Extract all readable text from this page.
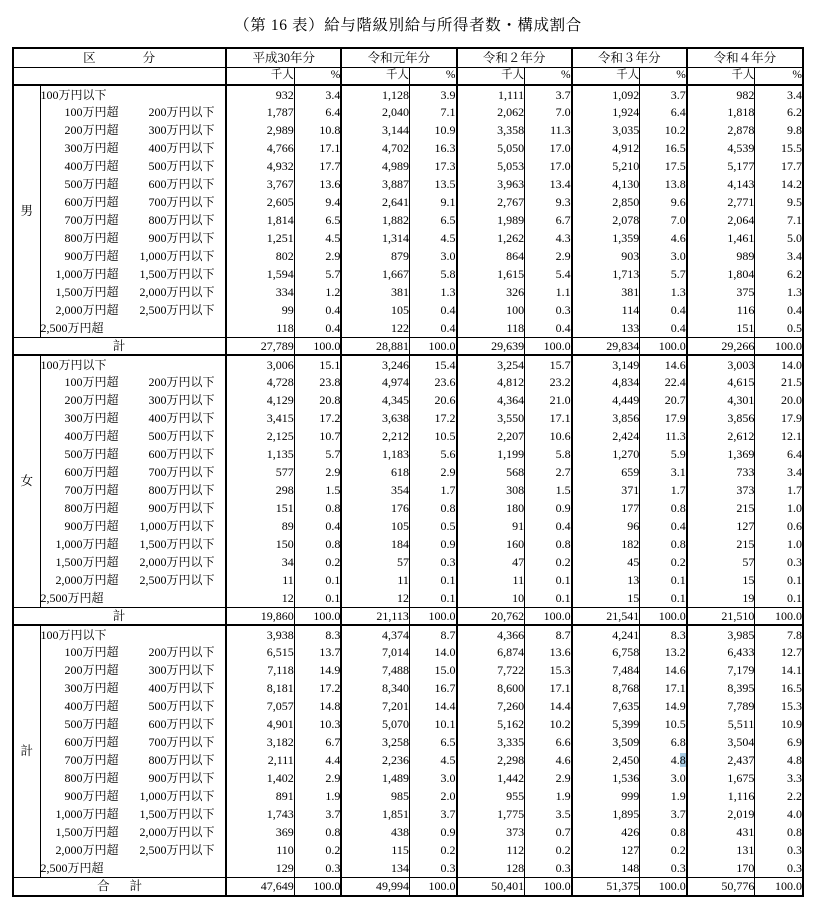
（第 16 表）給与階級別給与所得者数・構成割合
区 分		平成30年分		令和元年分		令和２年分		令和３年分		令和４年分	
		千人	%	千人	%	千人	%	千人	%	千人	%
男	100万円以下	932	3.4	1,128	3.9	1,111	3.7	1,092	3.7	982	3.4
	100万円超 200万円以下	1,787	6.4	2,040	7.1	2,062	7.0	1,924	6.4	1,818	6.2
	200万円超 300万円以下	2,989	10.8	3,144	10.9	3,358	11.3	3,035	10.2	2,878	9.8
	300万円超 400万円以下	4,766	17.1	4,702	16.3	5,050	17.0	4,912	16.5	4,539	15.5
	400万円超 500万円以下	4,932	17.7	4,989	17.3	5,053	17.0	5,210	17.5	5,177	17.7
	500万円超 600万円以下	3,767	13.6	3,887	13.5	3,963	13.4	4,130	13.8	4,143	14.2
	600万円超 700万円以下	2,605	9.4	2,641	9.1	2,767	9.3	2,850	9.6	2,771	9.5
	700万円超 800万円以下	1,814	6.5	1,882	6.5	1,989	6.7	2,078	7.0	2,064	7.1
	800万円超 900万円以下	1,251	4.5	1,314	4.5	1,262	4.3	1,359	4.6	1,461	5.0
	900万円超 1,000万円以下	802	2.9	879	3.0	864	2.9	903	3.0	989	3.4
	1,000万円超 1,500万円以下	1,594	5.7	1,667	5.8	1,615	5.4	1,713	5.7	1,804	6.2
	1,500万円超 2,000万円以下	334	1.2	381	1.3	326	1.1	381	1.3	375	1.3
	2,000万円超 2,500万円以下	99	0.4	105	0.4	100	0.3	114	0.4	116	0.4
	2,500万円超	118	0.4	122	0.4	118	0.4	133	0.4	151	0.5
計		27,789	100.0	28,881	100.0	29,639	100.0	29,834	100.0	29,266	100.0
女	100万円以下	3,006	15.1	3,246	15.4	3,254	15.7	3,149	14.6	3,003	14.0
	100万円超 200万円以下	4,728	23.8	4,974	23.6	4,812	23.2	4,834	22.4	4,615	21.5
	200万円超 300万円以下	4,129	20.8	4,345	20.6	4,364	21.0	4,449	20.7	4,301	20.0
	300万円超 400万円以下	3,415	17.2	3,638	17.2	3,550	17.1	3,856	17.9	3,856	17.9
	400万円超 500万円以下	2,125	10.7	2,212	10.5	2,207	10.6	2,424	11.3	2,612	12.1
	500万円超 600万円以下	1,135	5.7	1,183	5.6	1,199	5.8	1,270	5.9	1,369	6.4
	600万円超 700万円以下	577	2.9	618	2.9	568	2.7	659	3.1	733	3.4
	700万円超 800万円以下	298	1.5	354	1.7	308	1.5	371	1.7	373	1.7
	800万円超 900万円以下	151	0.8	176	0.8	180	0.9	177	0.8	215	1.0
	900万円超 1,000万円以下	89	0.4	105	0.5	91	0.4	96	0.4	127	0.6
	1,000万円超 1,500万円以下	150	0.8	184	0.9	160	0.8	182	0.8	215	1.0
	1,500万円超 2,000万円以下	34	0.2	57	0.3	47	0.2	45	0.2	57	0.3
	2,000万円超 2,500万円以下	11	0.1	11	0.1	11	0.1	13	0.1	15	0.1
	2,500万円超	12	0.1	12	0.1	10	0.1	15	0.1	19	0.1
計		19,860	100.0	21,113	100.0	20,762	100.0	21,541	100.0	21,510	100.0
計	100万円以下	3,938	8.3	4,374	8.7	4,366	8.7	4,241	8.3	3,985	7.8
	100万円超 200万円以下	6,515	13.7	7,014	14.0	6,874	13.6	6,758	13.2	6,433	12.7
	200万円超 300万円以下	7,118	14.9	7,488	15.0	7,722	15.3	7,484	14.6	7,179	14.1
	300万円超 400万円以下	8,181	17.2	8,340	16.7	8,600	17.1	8,768	17.1	8,395	16.5
	400万円超 500万円以下	7,057	14.8	7,201	14.4	7,260	14.4	7,635	14.9	7,789	15.3
	500万円超 600万円以下	4,901	10.3	5,070	10.1	5,162	10.2	5,399	10.5	5,511	10.9
	600万円超 700万円以下	3,182	6.7	3,258	6.5	3,335	6.6	3,509	6.8	3,504	6.9
	700万円超 800万円以下	2,111	4.4	2,236	4.5	2,298	4.6	2,450	4.8	2,437	4.8
	800万円超 900万円以下	1,402	2.9	1,489	3.0	1,442	2.9	1,536	3.0	1,675	3.3
	900万円超 1,000万円以下	891	1.9	985	2.0	955	1.9	999	1.9	1,116	2.2
	1,000万円超 1,500万円以下	1,743	3.7	1,851	3.7	1,775	3.5	1,895	3.7	2,019	4.0
	1,500万円超 2,000万円以下	369	0.8	438	0.9	373	0.7	426	0.8	431	0.8
	2,000万円超 2,500万円以下	110	0.2	115	0.2	112	0.2	127	0.2	131	0.3
	2,500万円超	129	0.3	134	0.3	128	0.3	148	0.3	170	0.3
合 計		47,649	100.0	49,994	100.0	50,401	100.0	51,375	100.0	50,776	100.0
